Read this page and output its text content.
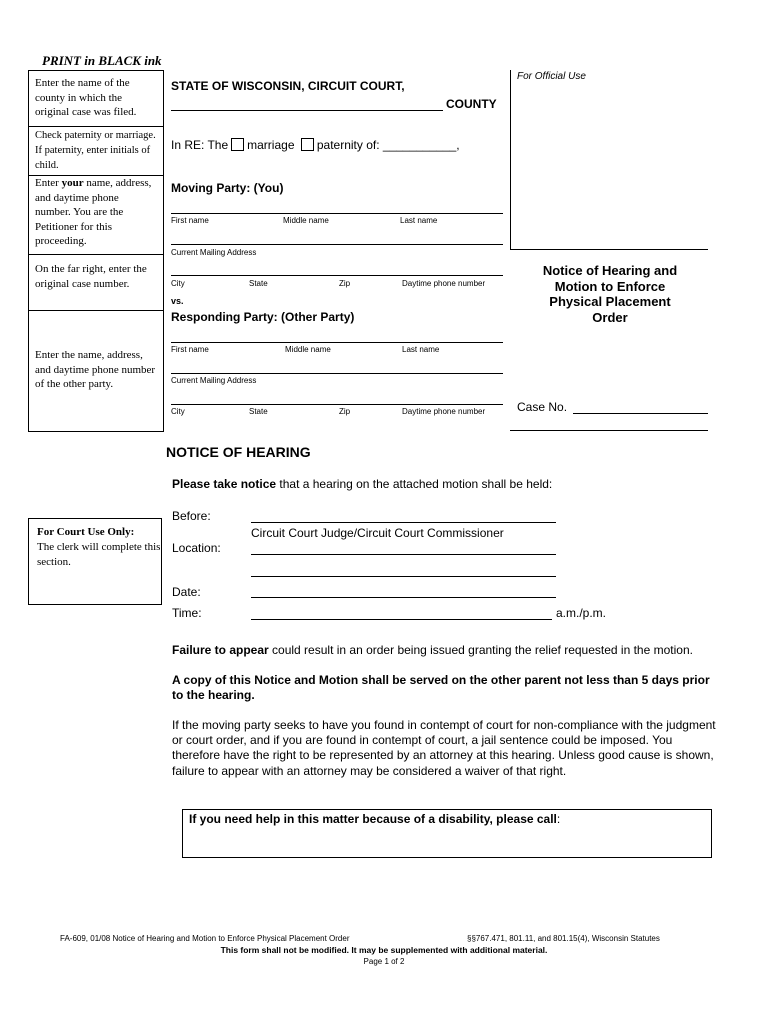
PRINT in BLACK ink
Enter the name of the county in which the original case was filed.
Check paternity or marriage. If paternity, enter initials of child.
Enter your name, address, and daytime phone number. You are the Petitioner for this proceeding.
On the far right, enter the original case number.
Enter the name, address, and daytime phone number of the other party.
STATE OF WISCONSIN, CIRCUIT COURT,
COUNTY
For Official Use
In RE: The marriage paternity of: ___________,
Moving Party: (You)
First name	Middle name	Last name
Current Mailing Address
City	State	Zip	Daytime phone number
vs.
Responding Party: (Other Party)
First name	Middle name	Last name
Current Mailing Address
City	State	Zip	Daytime phone number
Notice of Hearing and
Motion to Enforce
Physical Placement
Order
Case No.
NOTICE OF HEARING
Please take notice that a hearing on the attached motion shall be held:
For Court Use Only:
The clerk will complete this section.
Before:
Circuit Court Judge/Circuit Court Commissioner
Location:
Date:
Time:	a.m./p.m.
Failure to appear could result in an order being issued granting the relief requested in the motion.
A copy of this Notice and Motion shall be served on the other parent not less than 5 days prior to the hearing.
If the moving party seeks to have you found in contempt of court for non-compliance with the judgment or court order, and if you are found in contempt of court, a jail sentence could be imposed. You therefore have the right to be represented by an attorney at this hearing. Unless good cause is shown, failure to appear with an attorney may be considered a waiver of that right.
If you need help in this matter because of a disability, please call:
FA-609, 01/08 Notice of Hearing and Motion to Enforce Physical Placement Order	§§767.471, 801.11, and 801.15(4), Wisconsin Statutes
This form shall not be modified. It may be supplemented with additional material.
Page 1 of 2
